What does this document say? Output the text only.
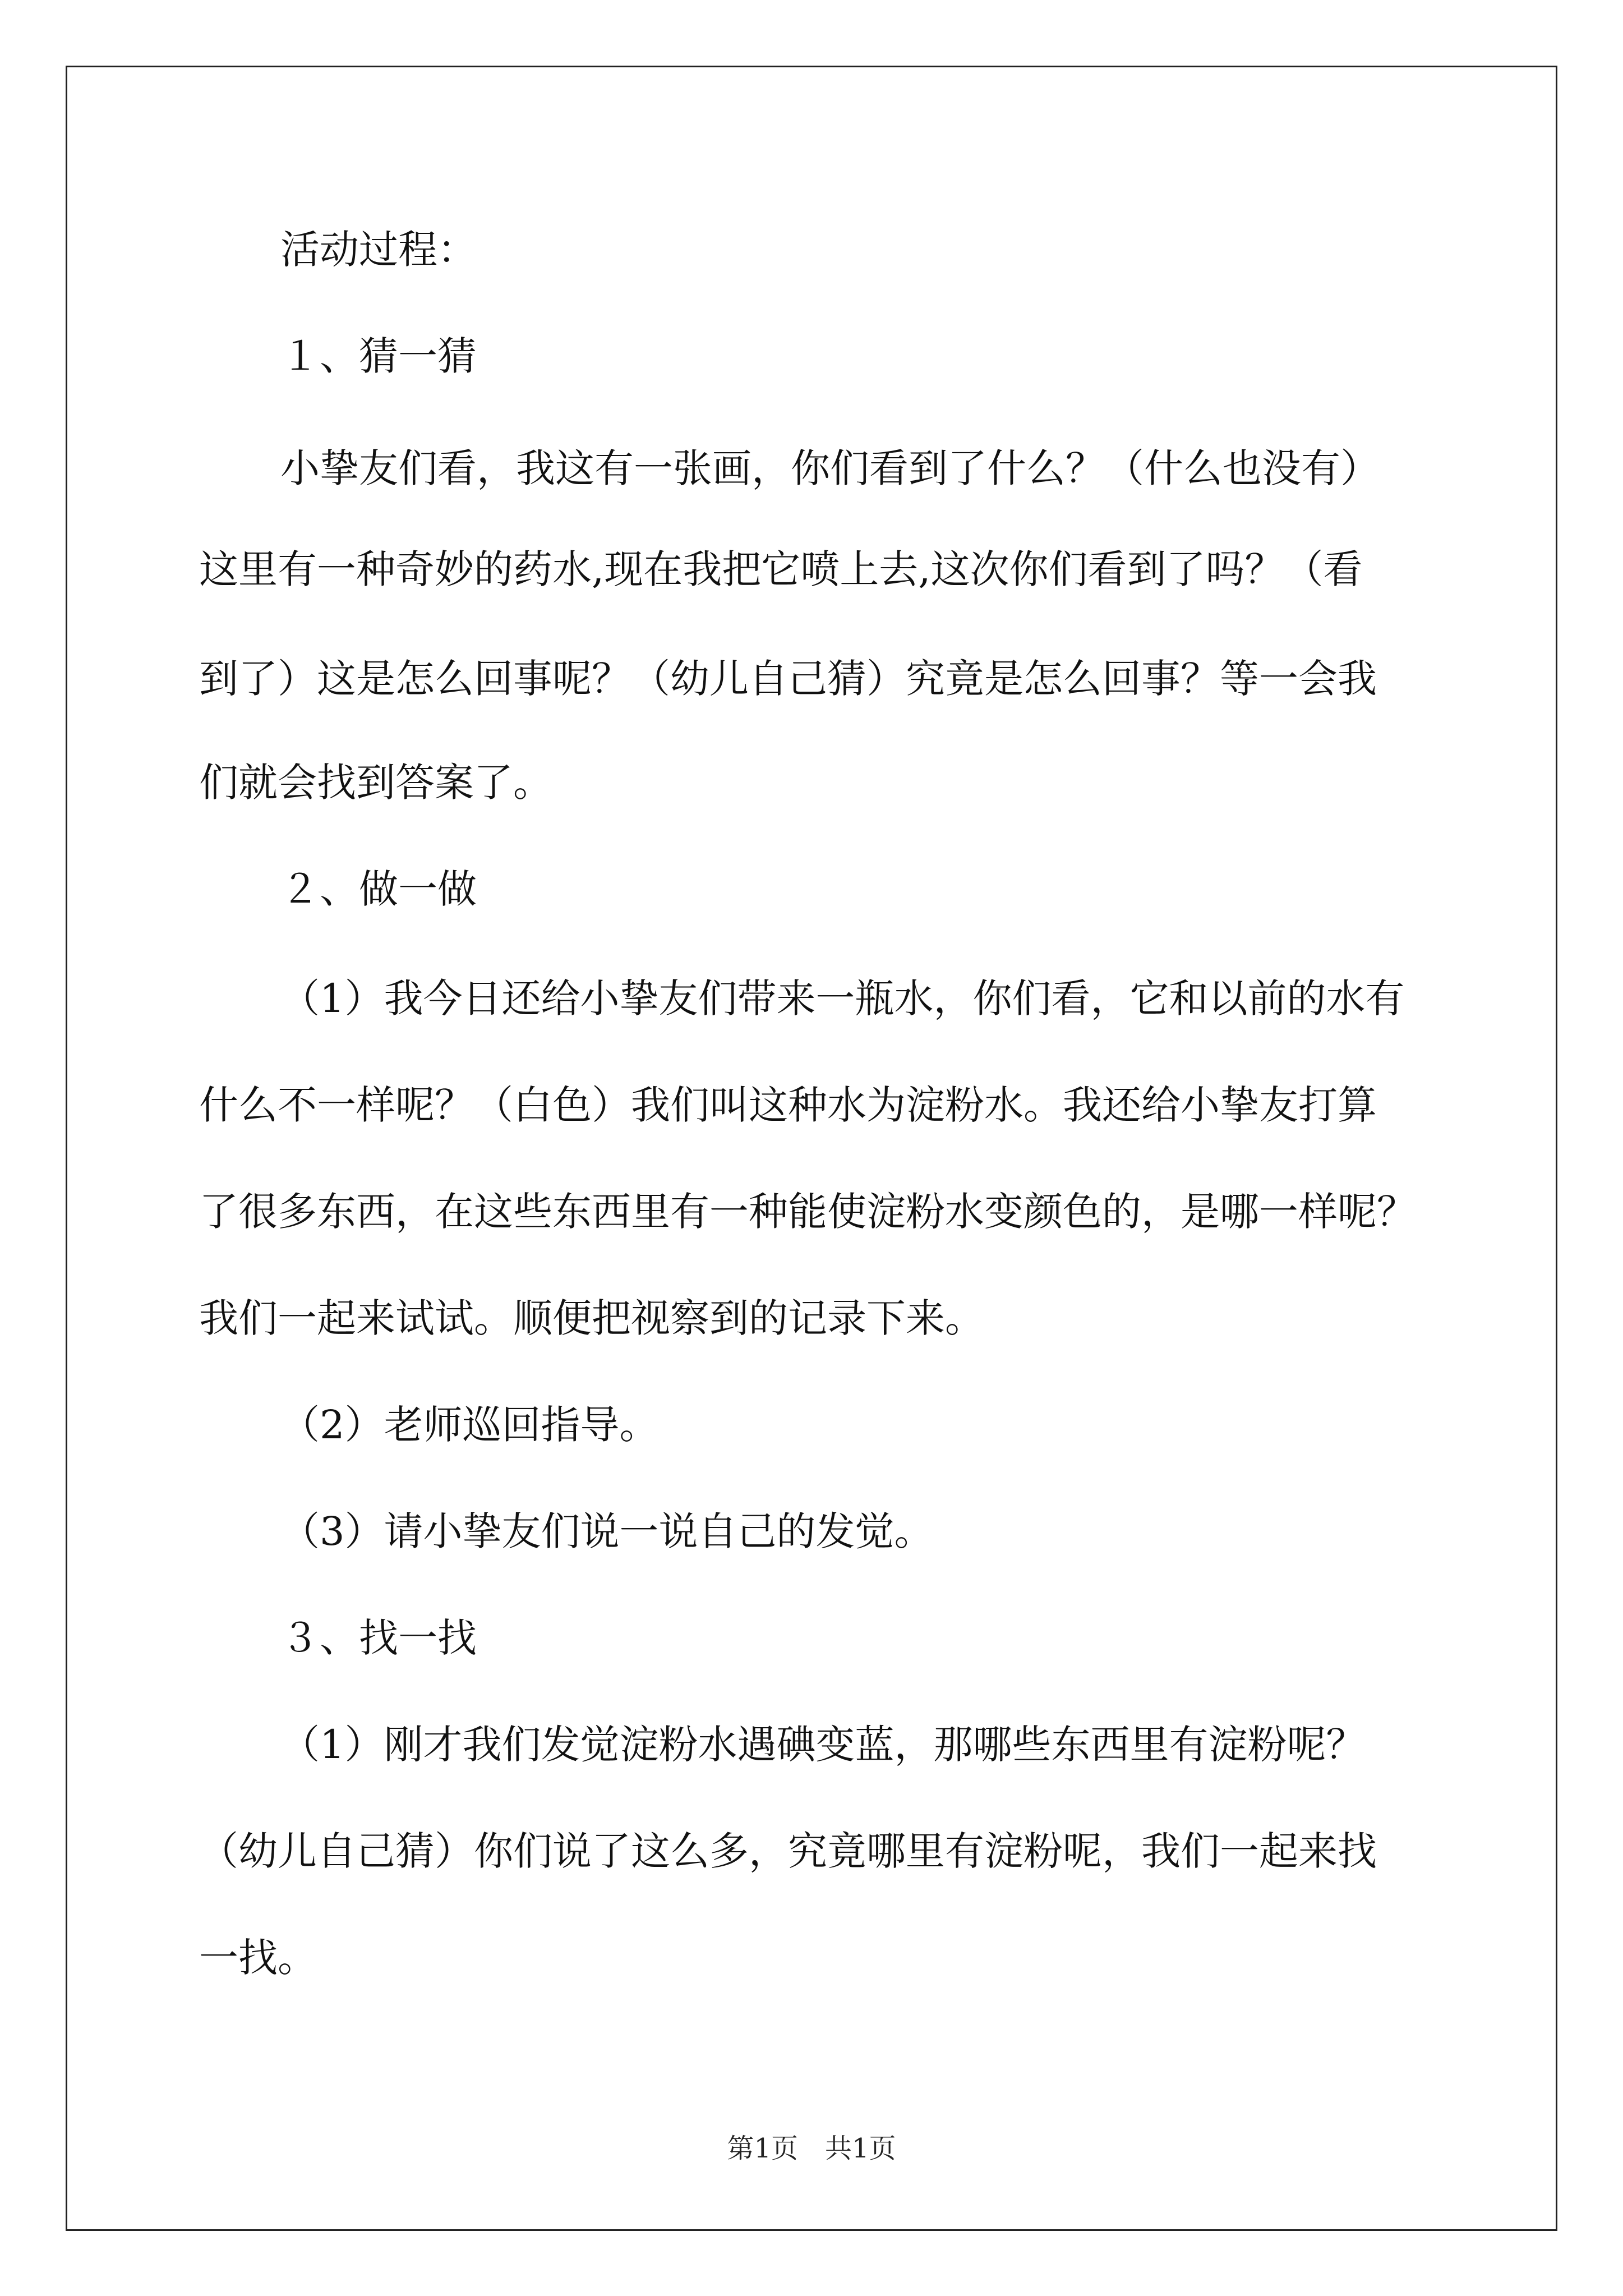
活动过程：
１、猜一猜
小挚友们看，我这有一张画，你们看到了什么？（什么也没有）
这里有一种奇妙的药水,现在我把它喷上去,这次你们看到了吗？（看
到了）这是怎么回事呢？（幼儿自己猜）究竟是怎么回事？等一会我
们就会找到答案了。
２、做一做
（1）我今日还给小挚友们带来一瓶水，你们看，它和以前的水有
什么不一样呢？（白色）我们叫这种水为淀粉水。我还给小挚友打算
了很多东西，在这些东西里有一种能使淀粉水变颜色的，是哪一样呢？
我们一起来试试。顺便把视察到的记录下来。
（2）老师巡回指导。
（3）请小挚友们说一说自己的发觉。
３、找一找
（1）刚才我们发觉淀粉水遇碘变蓝，那哪些东西里有淀粉呢？
（幼儿自己猜）你们说了这么多，究竟哪里有淀粉呢，我们一起来找
一找。
第1页　共1页
